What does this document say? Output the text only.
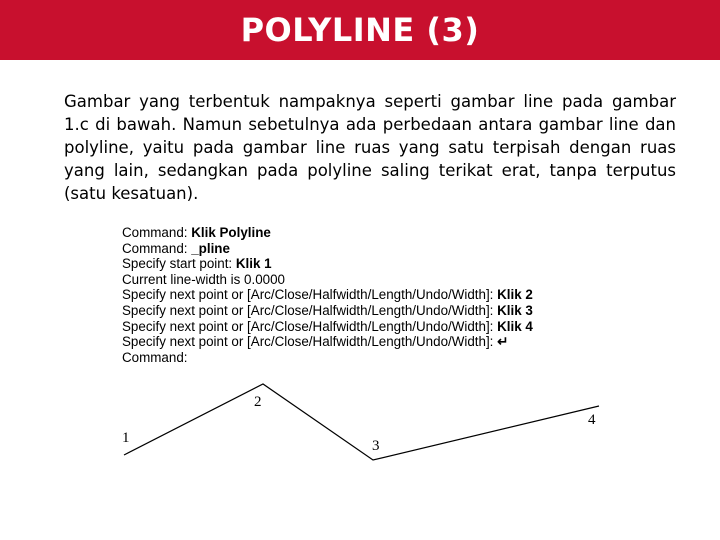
POLYLINE (3)

Gambar yang terbentuk nampaknya seperti gambar line pada gambar 1.c di bawah. Namun sebetulnya ada perbedaan antara gambar line dan polyline, yaitu pada gambar line ruas yang satu terpisah dengan ruas yang lain, sedangkan pada polyline saling terikat erat, tanpa terputus (satu kesatuan).

Command: Klik Polyline
Command: _pline
Specify start point: Klik 1
Current line-width is 0.0000
Specify next point or [Arc/Close/Halfwidth/Length/Undo/Width]: Klik 2
Specify next point or [Arc/Close/Halfwidth/Length/Undo/Width]: Klik 3
Specify next point or [Arc/Close/Halfwidth/Length/Undo/Width]: Klik 4
Specify next point or [Arc/Close/Halfwidth/Length/Undo/Width]: ↵
Command:
1
2
3
4
